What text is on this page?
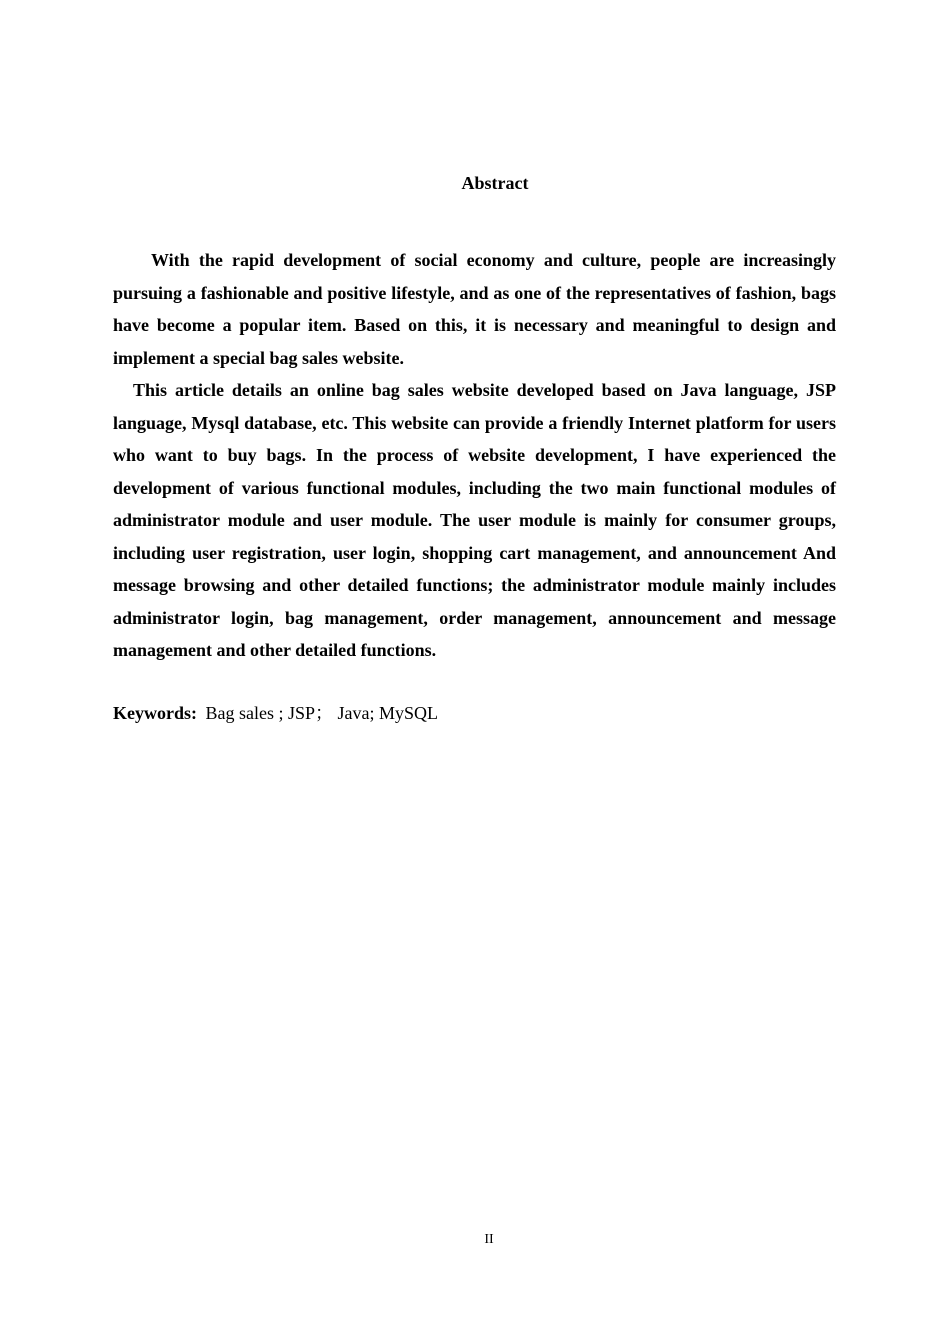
Abstract

With the rapid development of social economy and culture, people are increasingly pursuing a fashionable and positive lifestyle, and as one of the representatives of fashion, bags have become a popular item. Based on this, it is necessary and meaningful to design and implement a special bag sales website.

This article details an online bag sales website developed based on Java language, JSP language, Mysql database, etc. This website can provide a friendly Internet platform for users who want to buy bags. In the process of website development, I have experienced the development of various functional modules, including the two main functional modules of administrator module and user module. The user module is mainly for consumer groups, including user registration, user login, shopping cart management, and announcement And message browsing and other detailed functions; the administrator module mainly includes administrator login, bag management, order management, announcement and message management and other detailed functions.

Keywords: Bag sales ; JSP； Java; MySQL
II
